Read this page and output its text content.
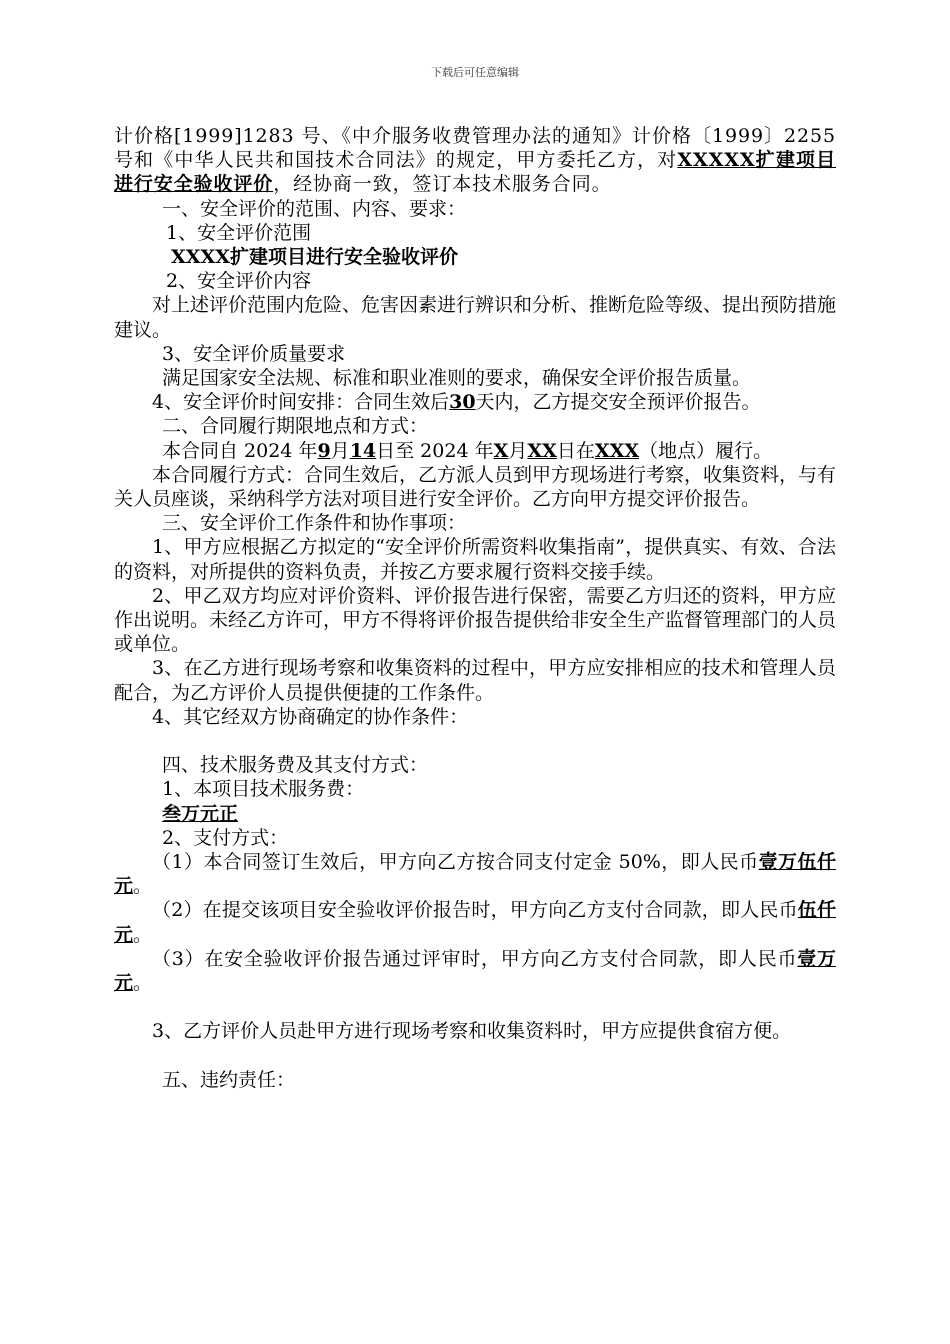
下载后可任意编辑

计价格[1999]1283 号、《中介服务收费管理办法的通知》计价格〔1999〕2255号和《中华人民共和国技术合同法》的规定，甲方委托乙方，对XXXXX扩建项目进行安全验收评价，经协商一致，签订本技术服务合同。

一、安全评价的范围、内容、要求：

1、安全评价范围

XXXX扩建项目进行安全验收评价

2、安全评价内容

对上述评价范围内危险、危害因素进行辨识和分析、推断危险等级、提出预防措施建议。

3、安全评价质量要求

满足国家安全法规、标准和职业准则的要求，确保安全评价报告质量。

4、安全评价时间安排：合同生效后30天内，乙方提交安全预评价报告。

二、合同履行期限地点和方式：

本合同自 2024 年9月14日至 2024 年X月XX日在XXX（地点）履行。

本合同履行方式：合同生效后，乙方派人员到甲方现场进行考察，收集资料，与有关人员座谈，采纳科学方法对项目进行安全评价。乙方向甲方提交评价报告。

三、安全评价工作条件和协作事项：

1、甲方应根据乙方拟定的“安全评价所需资料收集指南”，提供真实、有效、合法的资料，对所提供的资料负责，并按乙方要求履行资料交接手续。

2、甲乙双方均应对评价资料、评价报告进行保密，需要乙方归还的资料，甲方应作出说明。未经乙方许可，甲方不得将评价报告提供给非安全生产监督管理部门的人员或单位。

3、在乙方进行现场考察和收集资料的过程中，甲方应安排相应的技术和管理人员配合，为乙方评价人员提供便捷的工作条件。

4、其它经双方协商确定的协作条件：

四、技术服务费及其支付方式：

1、本项目技术服务费：

叁万元正

2、支付方式：

（1）本合同签订生效后，甲方向乙方按合同支付定金 50%，即人民币壹万伍仟元。

（2）在提交该项目安全验收评价报告时，甲方向乙方支付合同款，即人民币伍仟元。

（3）在安全验收评价报告通过评审时，甲方向乙方支付合同款，即人民币壹万元。

3、乙方评价人员赴甲方进行现场考察和收集资料时，甲方应提供食宿方便。

五、违约责任：
